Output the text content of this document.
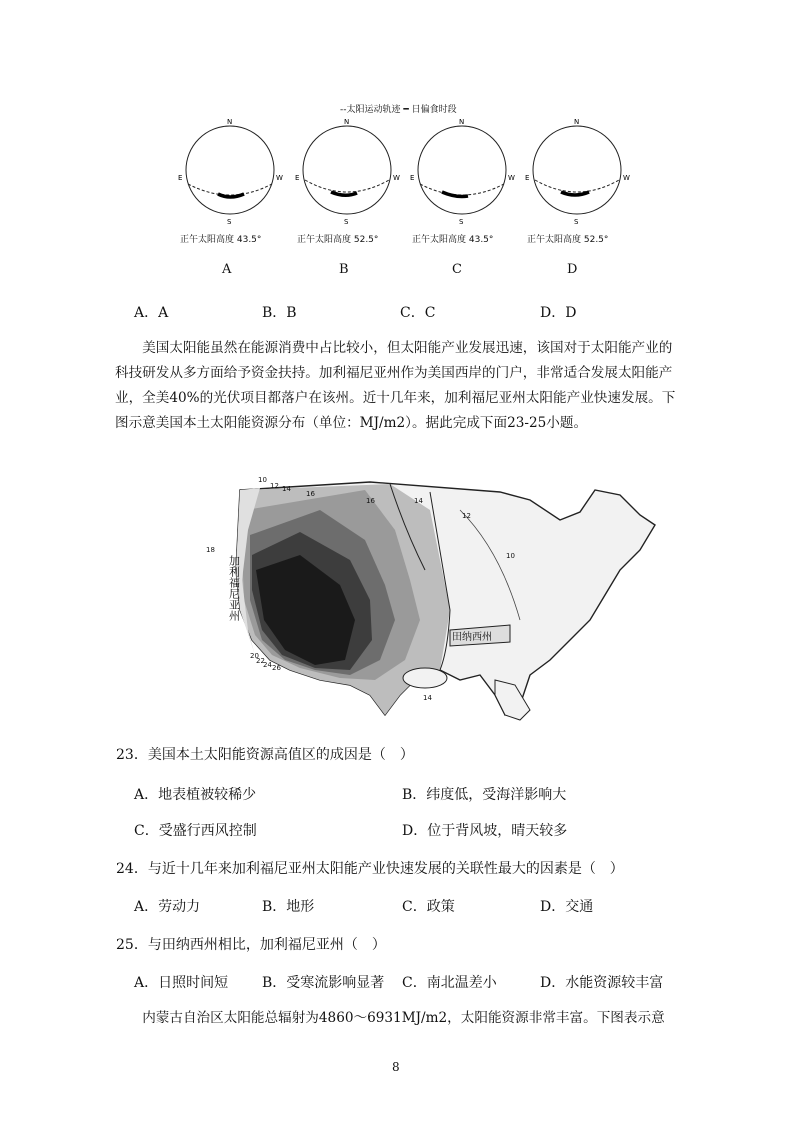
--太阳运动轨迹 ━ 日偏食时段
N
S
E	W
正午太阳高度 43.5°
A
N
S
E	W
正午太阳高度 52.5°
B
N
S
E	W
正午太阳高度 43.5°
C
N
S
E	W
正午太阳高度 52.5°
D
A．A	B．B	C．C	D．D

美国太阳能虽然在能源消费中占比较小，但太阳能产业发展迅速，该国对于太阳能产业的科技研发从多方面给予资金扶持。加利福尼亚州作为美国西岸的门户，非常适合发展太阳能产业，全美40%的光伏项目都落户在该州。近十几年来，加利福尼亚州太阳能产业快速发展。下图示意美国本土太阳能资源分布（单位：MJ/m2）。据此完成下面23-25小题。

加利福尼亚州
田纳西州
10
12 14
16
16	14
12
10
18
20
22
24 26
14
23．美国本土太阳能资源高值区的成因是（　）
A．地表植被较稀少	B．纬度低，受海洋影响大
C．受盛行西风控制	D．位于背风坡，晴天较多
24．与近十几年来加利福尼亚州太阳能产业快速发展的关联性最大的因素是（　）
A．劳动力	B．地形	C．政策	D．交通
25．与田纳西州相比，加利福尼亚州（　）
A．日照时间短 B．受寒流影响显著 C．南北温差小	D．水能资源较丰富

内蒙古自治区太阳能总辐射为4860～6931MJ/m2，太阳能资源非常丰富。下图表示意

8
